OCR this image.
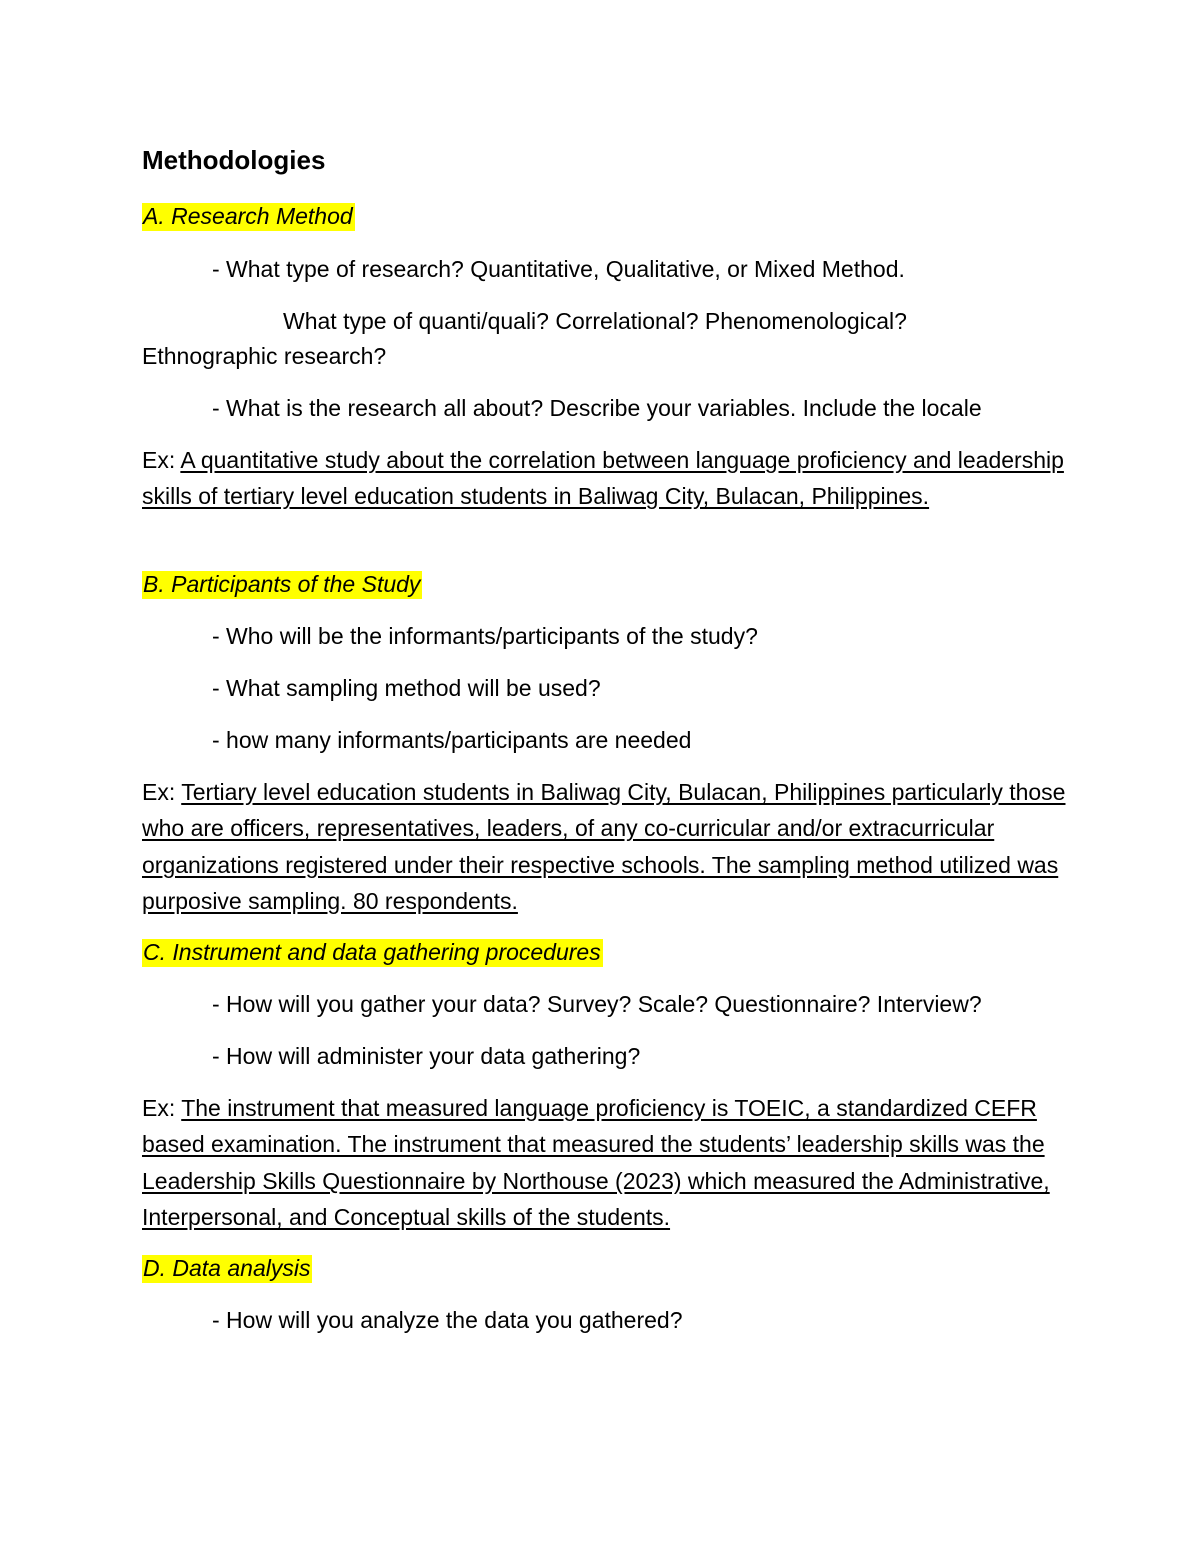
Methodologies
A. Research Method
- What type of research? Quantitative, Qualitative, or Mixed Method.
What type of quanti/quali? Correlational? Phenomenological?
Ethnographic research?
- What is the research all about? Describe your variables. Include the locale
Ex: A quantitative study about the correlation between language proficiency and leadership skills of tertiary level education students in Baliwag City, Bulacan, Philippines.
B. Participants of the Study
- Who will be the informants/participants of the study?
- What sampling method will be used?
- how many informants/participants are needed
Ex: Tertiary level education students in Baliwag City, Bulacan, Philippines particularly those who are officers, representatives, leaders, of any co-curricular and/or extracurricular organizations registered under their respective schools. The sampling method utilized was purposive sampling. 80 respondents.
C. Instrument and data gathering procedures
- How will you gather your data? Survey? Scale? Questionnaire? Interview?
- How will administer your data gathering?
Ex: The instrument that measured language proficiency is TOEIC, a standardized CEFR based examination. The instrument that measured the students’ leadership skills was the Leadership Skills Questionnaire by Northouse (2023) which measured the Administrative, Interpersonal, and Conceptual skills of the students.
D. Data analysis
- How will you analyze the data you gathered?
